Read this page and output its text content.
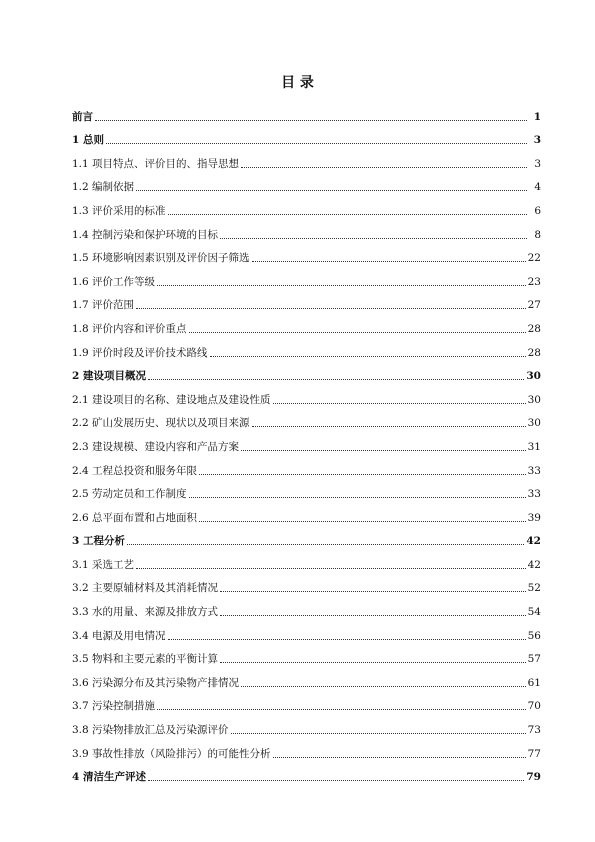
目 录
前言	1
1 总则	3
1.1 项目特点、评价目的、指导思想	3
1.2 编制依据	4
1.3 评价采用的标准	6
1.4 控制污染和保护环境的目标	8
1.5 环境影响因素识别及评价因子筛选	22
1.6 评价工作等级	23
1.7 评价范围	27
1.8 评价内容和评价重点	28
1.9 评价时段及评价技术路线	28
2 建设项目概况	30
2.1 建设项目的名称、建设地点及建设性质	30
2.2 矿山发展历史、现状以及项目来源	30
2.3 建设规模、建设内容和产品方案	31
2.4 工程总投资和服务年限	33
2.5 劳动定员和工作制度	33
2.6 总平面布置和占地面积	39
3 工程分析	42
3.1 采选工艺	42
3.2 主要原辅材料及其消耗情况	52
3.3 水的用量、来源及排放方式	54
3.4 电源及用电情况	56
3.5 物料和主要元素的平衡计算	57
3.6 污染源分布及其污染物产排情况	61
3.7 污染控制措施	70
3.8 污染物排放汇总及污染源评价	73
3.9 事故性排放（风险排污）的可能性分析	77
4 清洁生产评述	79
